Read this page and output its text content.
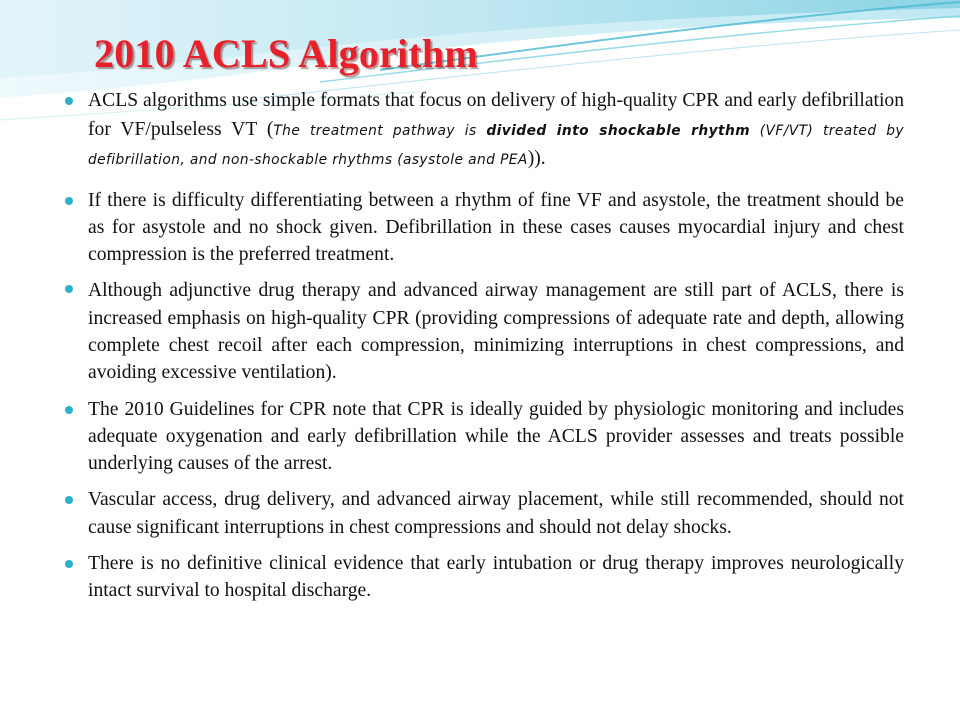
2010 ACLS Algorithm
ACLS algorithms use simple formats that focus on delivery of high-quality CPR and early defibrillation for VF/pulseless VT (The treatment pathway is divided into shockable rhythm (VF/VT) treated by defibrillation, and non-shockable rhythms (asystole and PEA)).
If there is difficulty differentiating between a rhythm of fine VF and asystole, the treatment should be as for asystole and no shock given. Defibrillation in these cases causes myocardial injury and chest compression is the preferred treatment.
Although adjunctive drug therapy and advanced airway management are still part of ACLS, there is increased emphasis on high-quality CPR (providing compressions of adequate rate and depth, allowing complete chest recoil after each compression, minimizing interruptions in chest compressions, and avoiding excessive ventilation).
The 2010 Guidelines for CPR note that CPR is ideally guided by physiologic monitoring and includes adequate oxygenation and early defibrillation while the ACLS provider assesses and treats possible underlying causes of the arrest.
Vascular access, drug delivery, and advanced airway placement, while still recommended, should not cause significant interruptions in chest compressions and should not delay shocks.
There is no definitive clinical evidence that early intubation or drug therapy improves neurologically intact survival to hospital discharge.
